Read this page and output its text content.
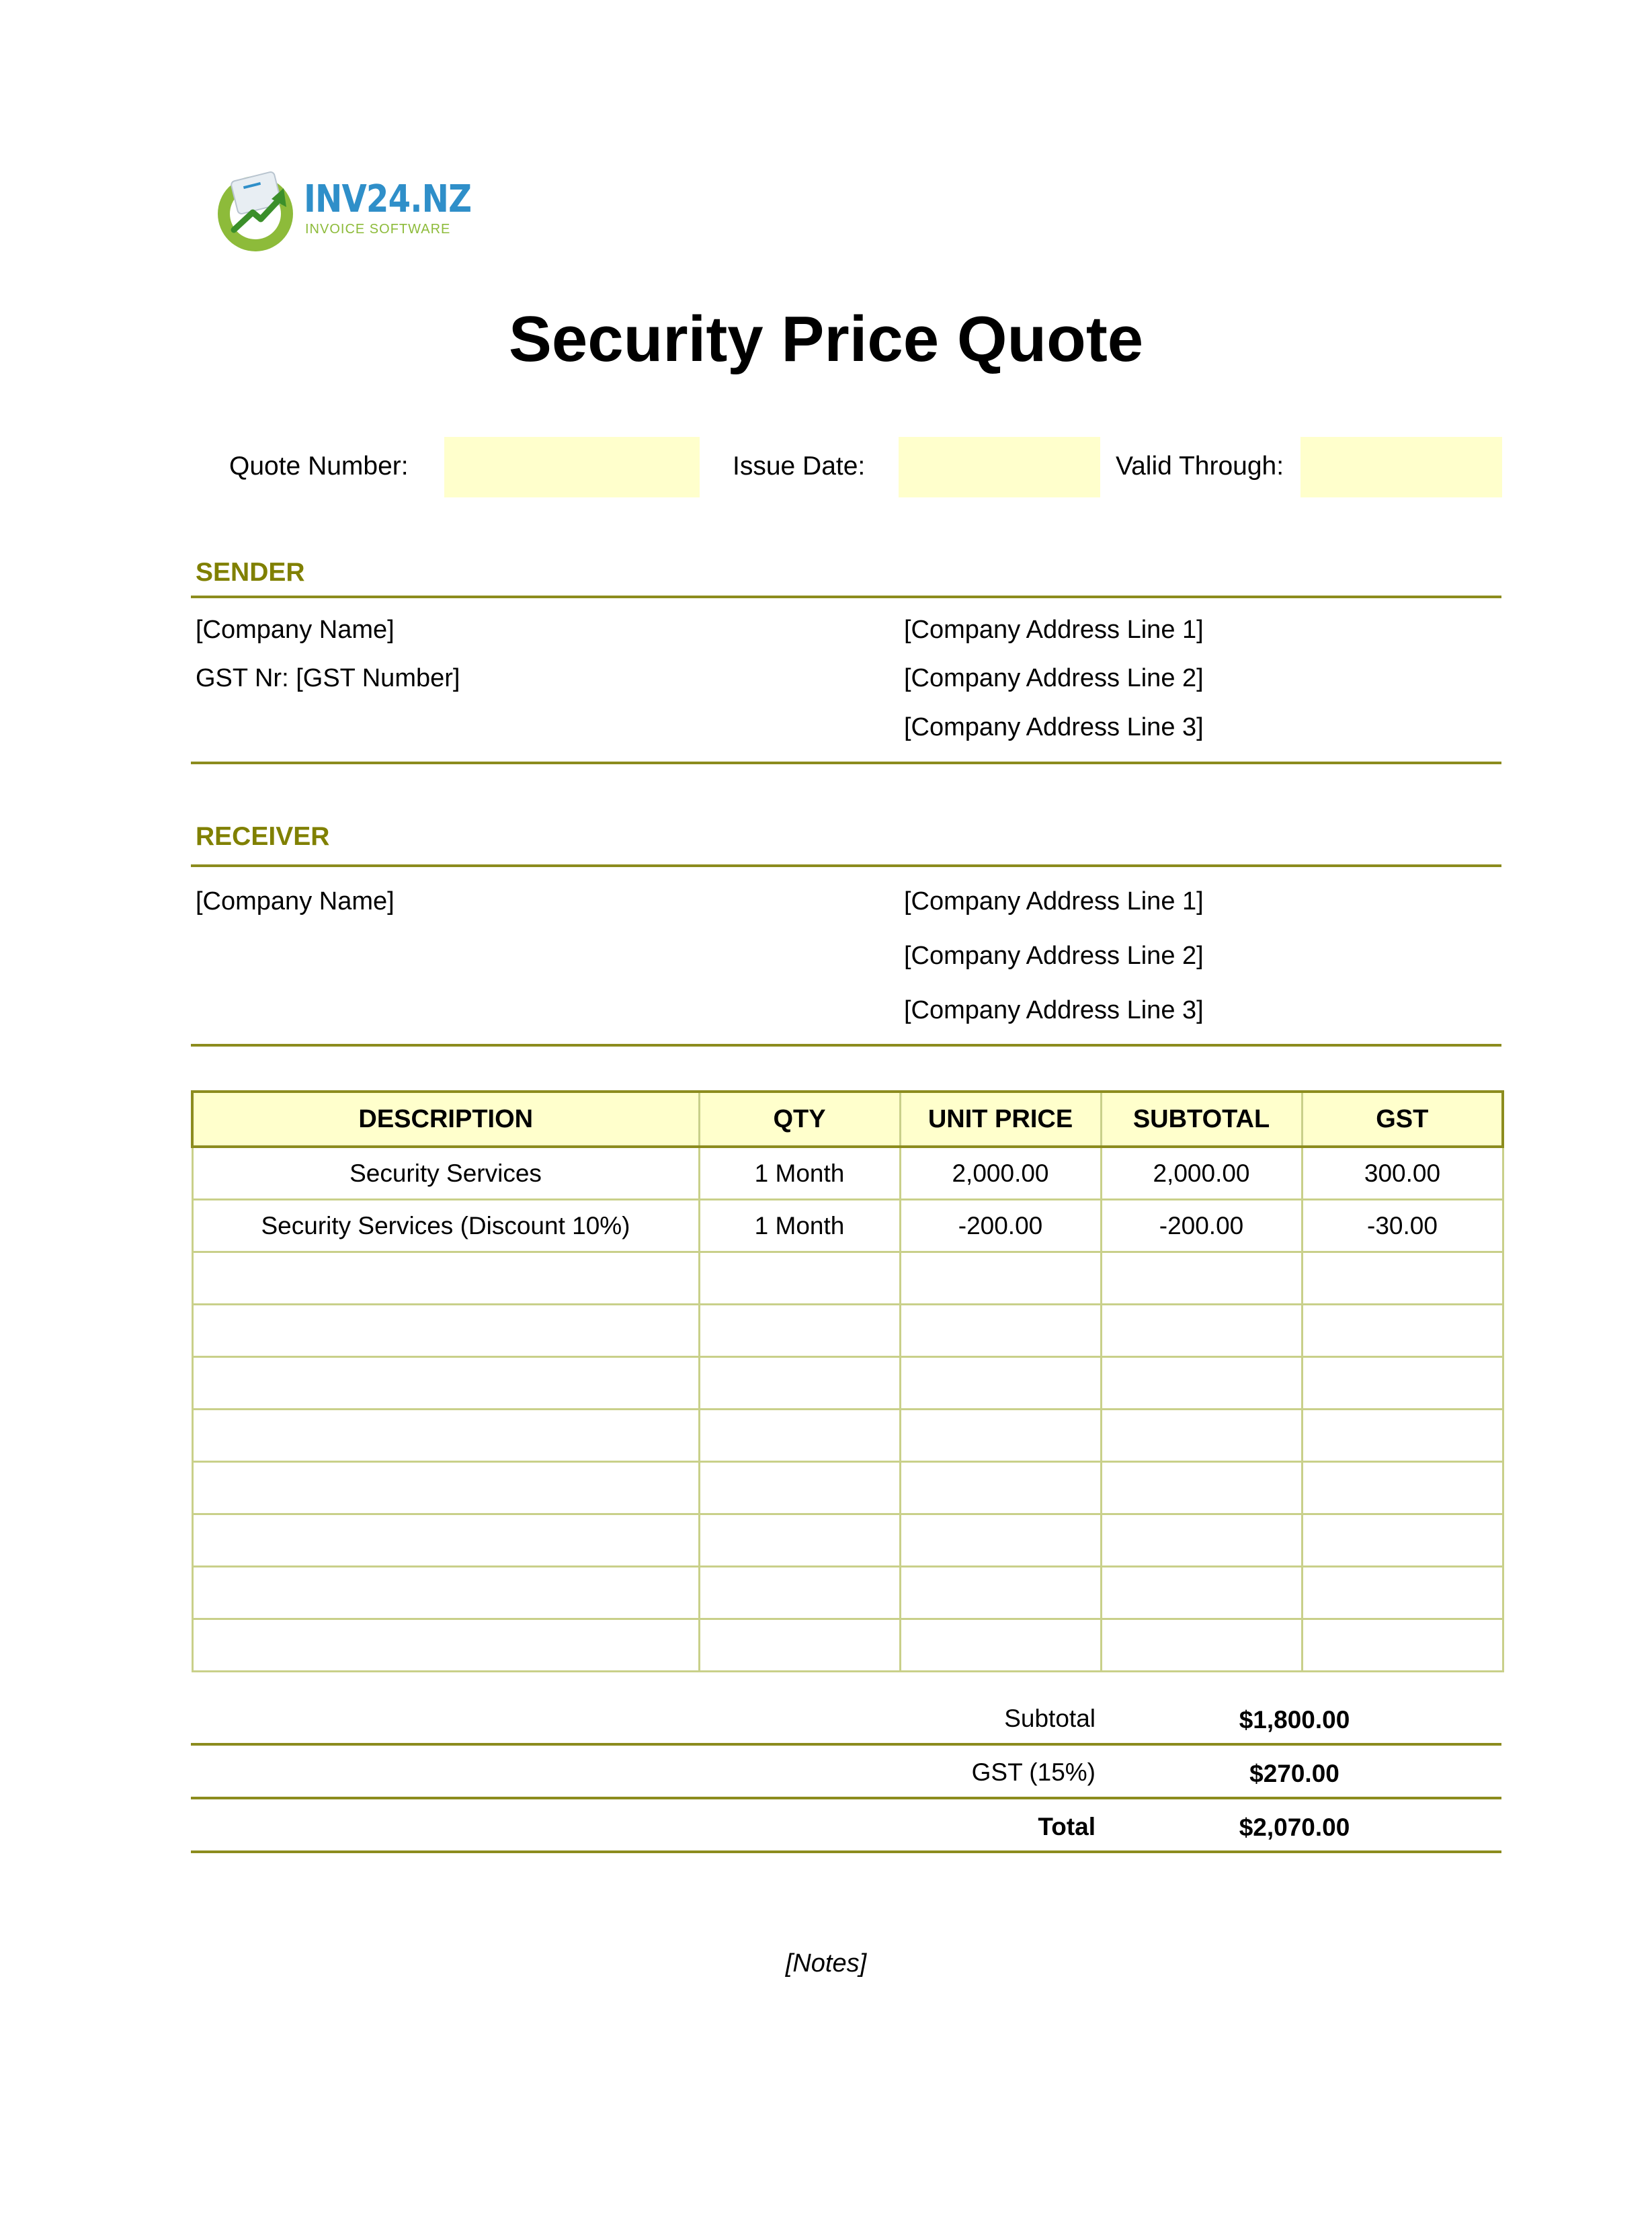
INV24.NZ
INVOICE SOFTWARE
Security Price Quote
Quote Number:	Issue Date:	Valid Through:
SENDER
[Company Name]
GST Nr: [GST Number]
[Company Address Line 1]
[Company Address Line 2]
[Company Address Line 3]
RECEIVER
[Company Name]	[Company Address Line 1]
[Company Address Line 2]
[Company Address Line 3]
DESCRIPTION	QTY	UNIT PRICE	SUBTOTAL	GST
Security Services	1 Month	2,000.00	2,000.00	300.00
Security Services (Discount 10%)	1 Month	-200.00	-200.00	-30.00

Subtotal	$1,800.00
GST (15%)	$270.00
Total	$2,070.00
[Notes]
